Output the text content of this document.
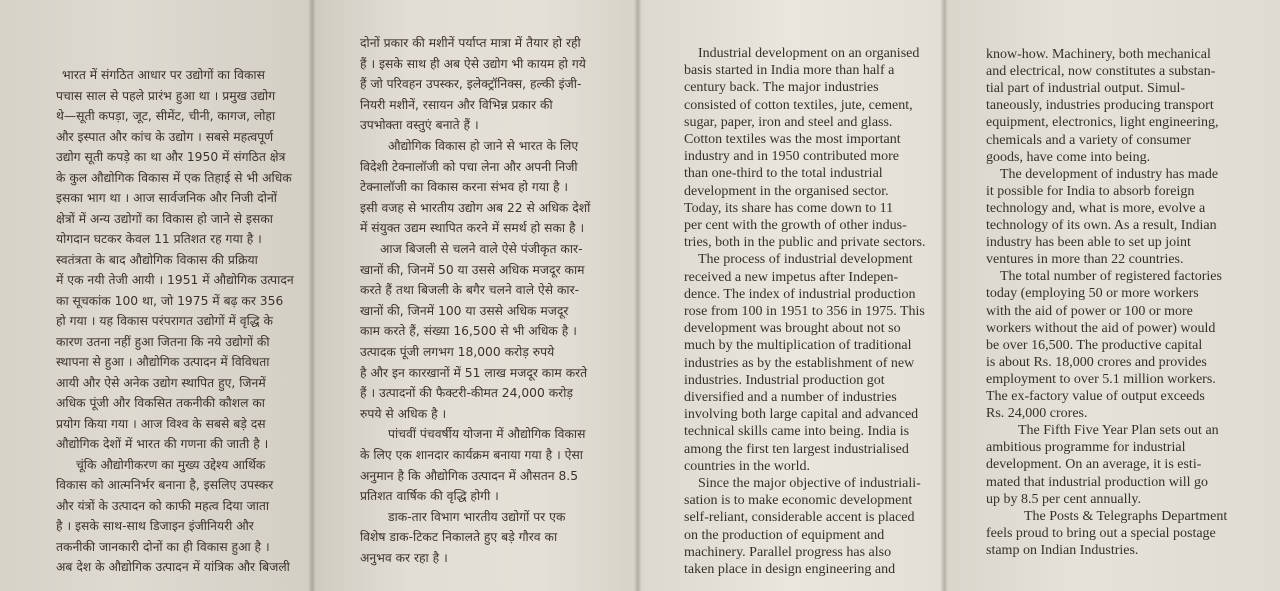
भारत में संगठित आधार पर उद्योगों का विकास
पचास साल से पहले प्रारंभ हुआ था । प्रमुख उद्योग
थे—सूती कपड़ा, जूट, सीमेंट, चीनी, कागज, लोहा
और इस्पात और कांच के उद्योग । सबसे महत्वपूर्ण
उद्योग सूती कपड़े का था और 1950 में संगठित क्षेत्र
के कुल औद्योगिक विकास में एक तिहाई से भी अधिक
इसका भाग था । आज सार्वजनिक और निजी दोनों
क्षेत्रों में अन्य उद्योगों का विकास हो जाने से इसका
योगदान घटकर केवल 11 प्रतिशत रह गया है ।
स्वतंत्रता के बाद औद्योगिक विकास की प्रक्रिया
में एक नयी तेजी आयी । 1951 में औद्योगिक उत्पादन
का सूचकांक 100 था, जो 1975 में बढ़ कर 356
हो गया । यह विकास परंपरागत उद्योगों में वृद्धि के
कारण उतना नहीं हुआ जितना कि नये उद्योगों की
स्थापना से हुआ । औद्योगिक उत्पादन में विविधता
आयी और ऐसे अनेक उद्योग स्थापित हुए, जिनमें
अधिक पूंजी और विकसित तकनीकी कौशल का
प्रयोग किया गया । आज विश्व के सबसे बड़े दस
औद्योगिक देशों में भारत की गणना की जाती है ।
चूंकि औद्योगीकरण का मुख्य उद्देश्य आर्थिक
विकास को आत्मनिर्भर बनाना है, इसलिए उपस्कर
और यंत्रों के उत्पादन को काफी महत्व दिया जाता
है । इसके साथ-साथ डिजाइन इंजीनियरी और
तकनीकी जानकारी दोनों का ही विकास हुआ है ।
अब देश के औद्योगिक उत्पादन में यांत्रिक और बिजली
दोनों प्रकार की मशीनें पर्याप्त मात्रा में तैयार हो रही
हैं । इसके साथ ही अब ऐसे उद्योग भी कायम हो गये
हैं जो परिवहन उपस्कर, इलेक्ट्रॉनिक्स, हल्की इंजी-
नियरी मशीनें, रसायन और विभिन्न प्रकार की
उपभोक्ता वस्तुएं बनाते हैं ।
औद्योगिक विकास हो जाने से भारत के लिए
विदेशी टेक्नालॉजी को पचा लेना और अपनी निजी
टेक्नालॉजी का विकास करना संभव हो गया है ।
इसी वजह से भारतीय उद्योग अब 22 से अधिक देशों
में संयुक्त उद्यम स्थापित करने में समर्थ हो सका है ।
आज बिजली से चलने वाले ऐसे पंजीकृत कार-
खानों की, जिनमें 50 या उससे अधिक मजदूर काम
करते हैं तथा बिजली के बगैर चलने वाले ऐसे कार-
खानों की, जिनमें 100 या उससे अधिक मजदूर
काम करते हैं, संख्या 16,500 से भी अधिक है ।
उत्पादक पूंजी लगभग 18,000 करोड़ रुपये
है और इन कारखानों में 51 लाख मजदूर काम करते
हैं । उत्पादनों की फैक्टरी-कीमत 24,000 करोड़
रुपये से अधिक है ।
पांचवीं पंचवर्षीय योजना में औद्योगिक विकास
के लिए एक शानदार कार्यक्रम बनाया गया है । ऐसा
अनुमान है कि औद्योगिक उत्पादन में औसतन 8.5
प्रतिशत वार्षिक की वृद्धि होगी ।
डाक-तार विभाग भारतीय उद्योगों पर एक
विशेष डाक-टिकट निकालते हुए बड़े गौरव का
अनुभव कर रहा है ।
Industrial development on an organised
basis started in India more than half a
century back. The major industries
consisted of cotton textiles, jute, cement,
sugar, paper, iron and steel and glass.
Cotton textiles was the most important
industry and in 1950 contributed more
than one-third to the total industrial
development in the organised sector.
Today, its share has come down to 11
per cent with the growth of other indus-
tries, both in the public and private sectors.
The process of industrial development
received a new impetus after Indepen-
dence. The index of industrial production
rose from 100 in 1951 to 356 in 1975. This
development was brought about not so
much by the multiplication of traditional
industries as by the establishment of new
industries. Industrial production got
diversified and a number of industries
involving both large capital and advanced
technical skills came into being. India is
among the first ten largest industrialised
countries in the world.
Since the major objective of industriali-
sation is to make economic development
self-reliant, considerable accent is placed
on the production of equipment and
machinery. Parallel progress has also
taken place in design engineering and
know-how. Machinery, both mechanical
and electrical, now constitutes a substan-
tial part of industrial output. Simul-
taneously, industries producing transport
equipment, electronics, light engineering,
chemicals and a variety of consumer
goods, have come into being.
The development of industry has made
it possible for India to absorb foreign
technology and, what is more, evolve a
technology of its own. As a result, Indian
industry has been able to set up joint
ventures in more than 22 countries.
The total number of registered factories
today (employing 50 or more workers
with the aid of power or 100 or more
workers without the aid of power) would
be over 16,500. The productive capital
is about Rs. 18,000 crores and provides
employment to over 5.1 million workers.
The ex-factory value of output exceeds
Rs. 24,000 crores.
The Fifth Five Year Plan sets out an
ambitious programme for industrial
development. On an average, it is esti-
mated that industrial production will go
up by 8.5 per cent annually.
The Posts & Telegraphs Department
feels proud to bring out a special postage
stamp on Indian Industries.
